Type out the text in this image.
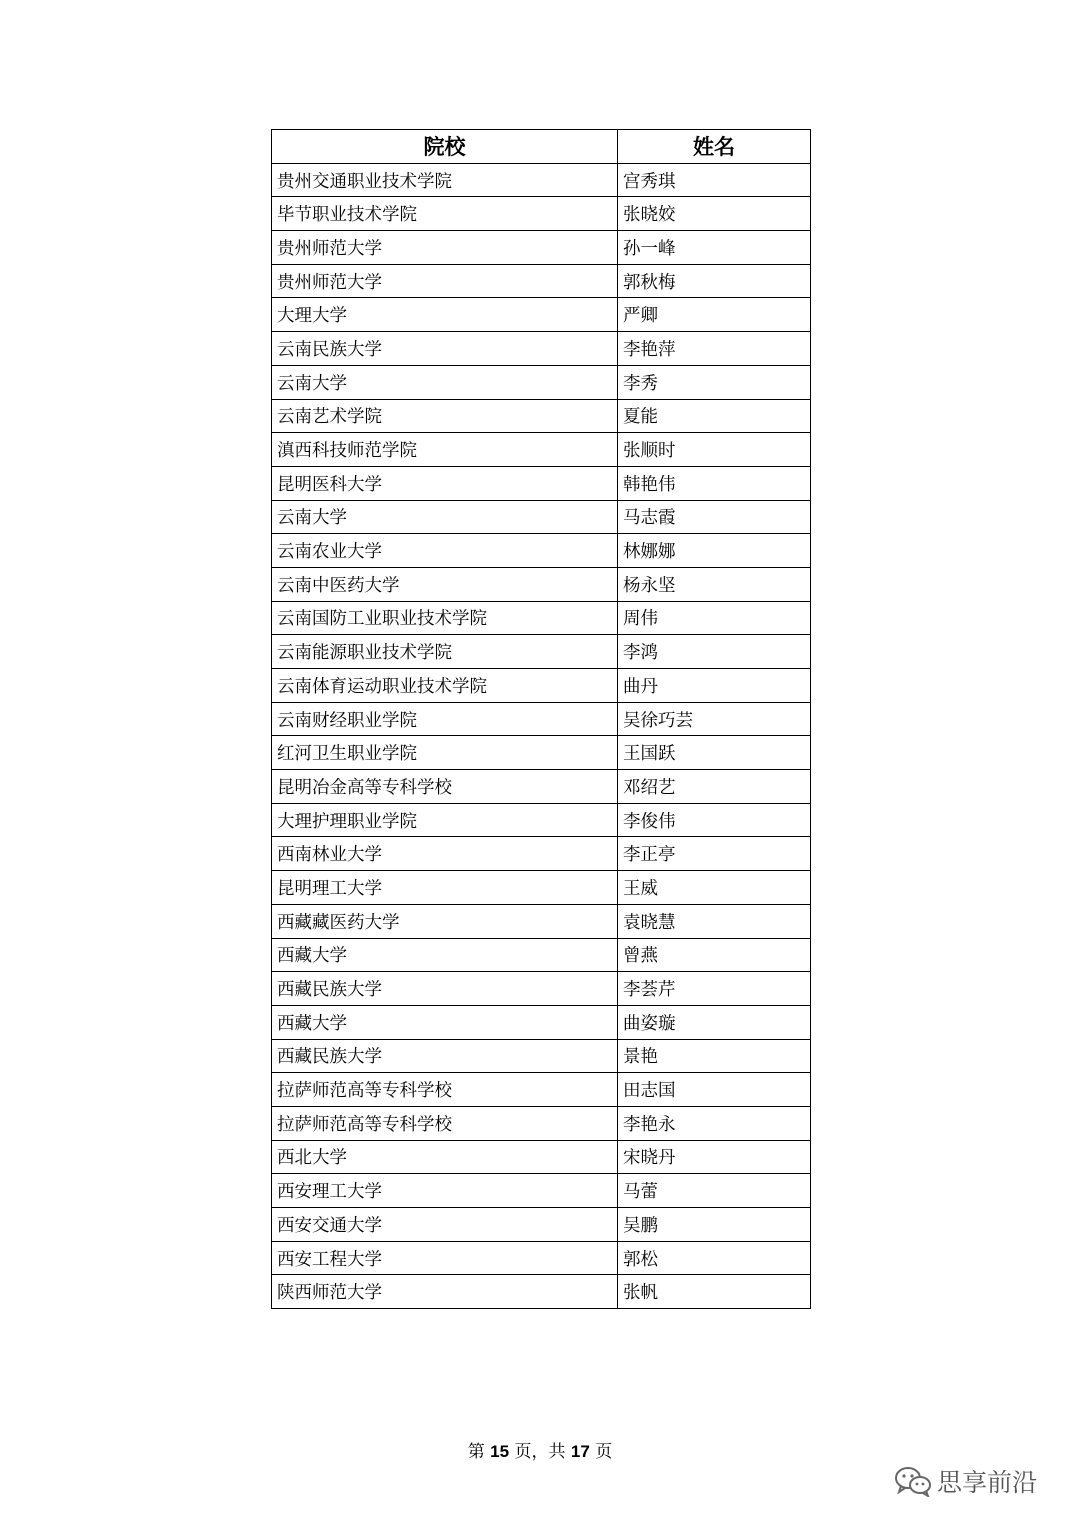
院校	姓名
贵州交通职业技术学院	宫秀琪
毕节职业技术学院	张晓姣
贵州师范大学	孙一峰
贵州师范大学	郭秋梅
大理大学	严卿
云南民族大学	李艳萍
云南大学	李秀
云南艺术学院	夏能
滇西科技师范学院	张顺时
昆明医科大学	韩艳伟
云南大学	马志霞
云南农业大学	林娜娜
云南中医药大学	杨永坚
云南国防工业职业技术学院	周伟
云南能源职业技术学院	李鸿
云南体育运动职业技术学院	曲丹
云南财经职业学院	吴徐巧芸
红河卫生职业学院	王国跃
昆明冶金高等专科学校	邓绍艺
大理护理职业学院	李俊伟
西南林业大学	李正亭
昆明理工大学	王威
西藏藏医药大学	袁晓慧
西藏大学	曾燕
西藏民族大学	李荟芹
西藏大学	曲姿璇
西藏民族大学	景艳
拉萨师范高等专科学校	田志国
拉萨师范高等专科学校	李艳永
西北大学	宋晓丹
西安理工大学	马蕾
西安交通大学	吴鹏
西安工程大学	郭松
陕西师范大学	张帆
第 15 页，共 17 页
思享前沿
